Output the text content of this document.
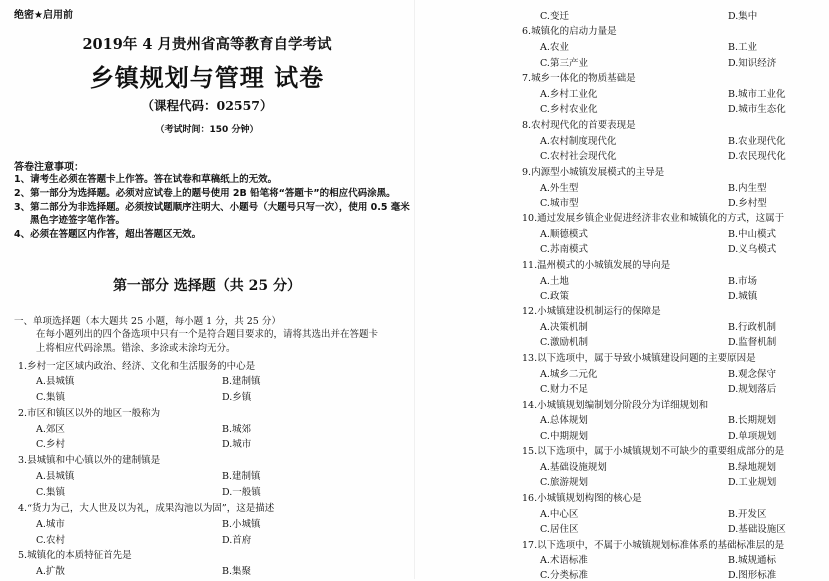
绝密★启用前
2019年 4 月贵州省高等教育自学考试
乡镇规划与管理 试卷
（课程代码：02557）
（考试时间：150 分钟）
答卷注意事项：
1、请考生必须在答题卡上作答。答在试卷和草稿纸上的无效。
2、第一部分为选择题。必须对应试卷上的题号使用 2B 铅笔将“答题卡”的相应代码涂黑。
3、第二部分为非选择题。必须按试题顺序注明大、小题号（大题号只写一次），使用 0.5 毫米
黑色字迹签字笔作答。
4、必须在答题区内作答，超出答题区无效。
第一部分 选择题（共 25 分）
一、单项选择题（本大题共 25 小题，每小题 1 分，共 25 分）
在每小题列出的四个备选项中只有一个是符合题目要求的，请将其选出并在答题卡
上将相应代码涂黑。错涂、多涂或未涂均无分。
1.乡村一定区域内政治、经济、文化和生活服务的中心是
A.县城镇	B.建制镇
C.集镇	D.乡镇
2.市区和镇区以外的地区一般称为
A.郊区	B.城郊
C.乡村	D.城市
3.县城镇和中心镇以外的建制镇是
A.县城镇	B.建制镇
C.集镇	D.一般镇
4.“货力为己，大人世及以为礼，成果沟池以为固”，这是描述
A.城市	B.小城镇
C.农村	D.首府
5.城镇化的本质特征首先是
A.扩散	B.集聚
C.变迁	D.集中
6.城镇化的启动力量是
A.农业	B.工业
C.第三产业	D.知识经济
7.城乡一体化的物质基础是
A.乡村工业化	B.城市工业化
C.乡村农业化	D.城市生态化
8.农村现代化的首要表现是
A.农村制度现代化	B.农业现代化
C.农村社会现代化	D.农民现代化
9.内源型小城镇发展模式的主导是
A.外生型	B.内生型
C.城市型	D.乡村型
10.通过发展乡镇企业促进经济非农业和城镇化的方式，这属于
A.顺德模式	B.中山模式
C.苏南模式	D.义乌模式
11.温州模式的小城镇发展的导向是
A.土地	B.市场
C.政策	D.城镇
12.小城镇建设机制运行的保障是
A.决策机制	B.行政机制
C.激励机制	D.监督机制
13.以下选项中，属于导致小城镇建设问题的主要原因是
A.城乡二元化	B.观念保守
C.财力不足	D.规划落后
14.小城镇规划编制划分阶段分为详细规划和
A.总体规划	B.长期规划
C.中期规划	D.单项规划
15.以下选项中，属于小城镇规划不可缺少的重要组成部分的是
A.基础设施规划	B.绿地规划
C.旅游规划	D.工业规划
16.小城镇规划构图的核心是
A.中心区	B.开发区
C.居住区	D.基础设施区
17.以下选项中，不属于小城镇规划标准体系的基础标准层的是
A.术语标准	B.城规通标
C.分类标准	D.图形标准
